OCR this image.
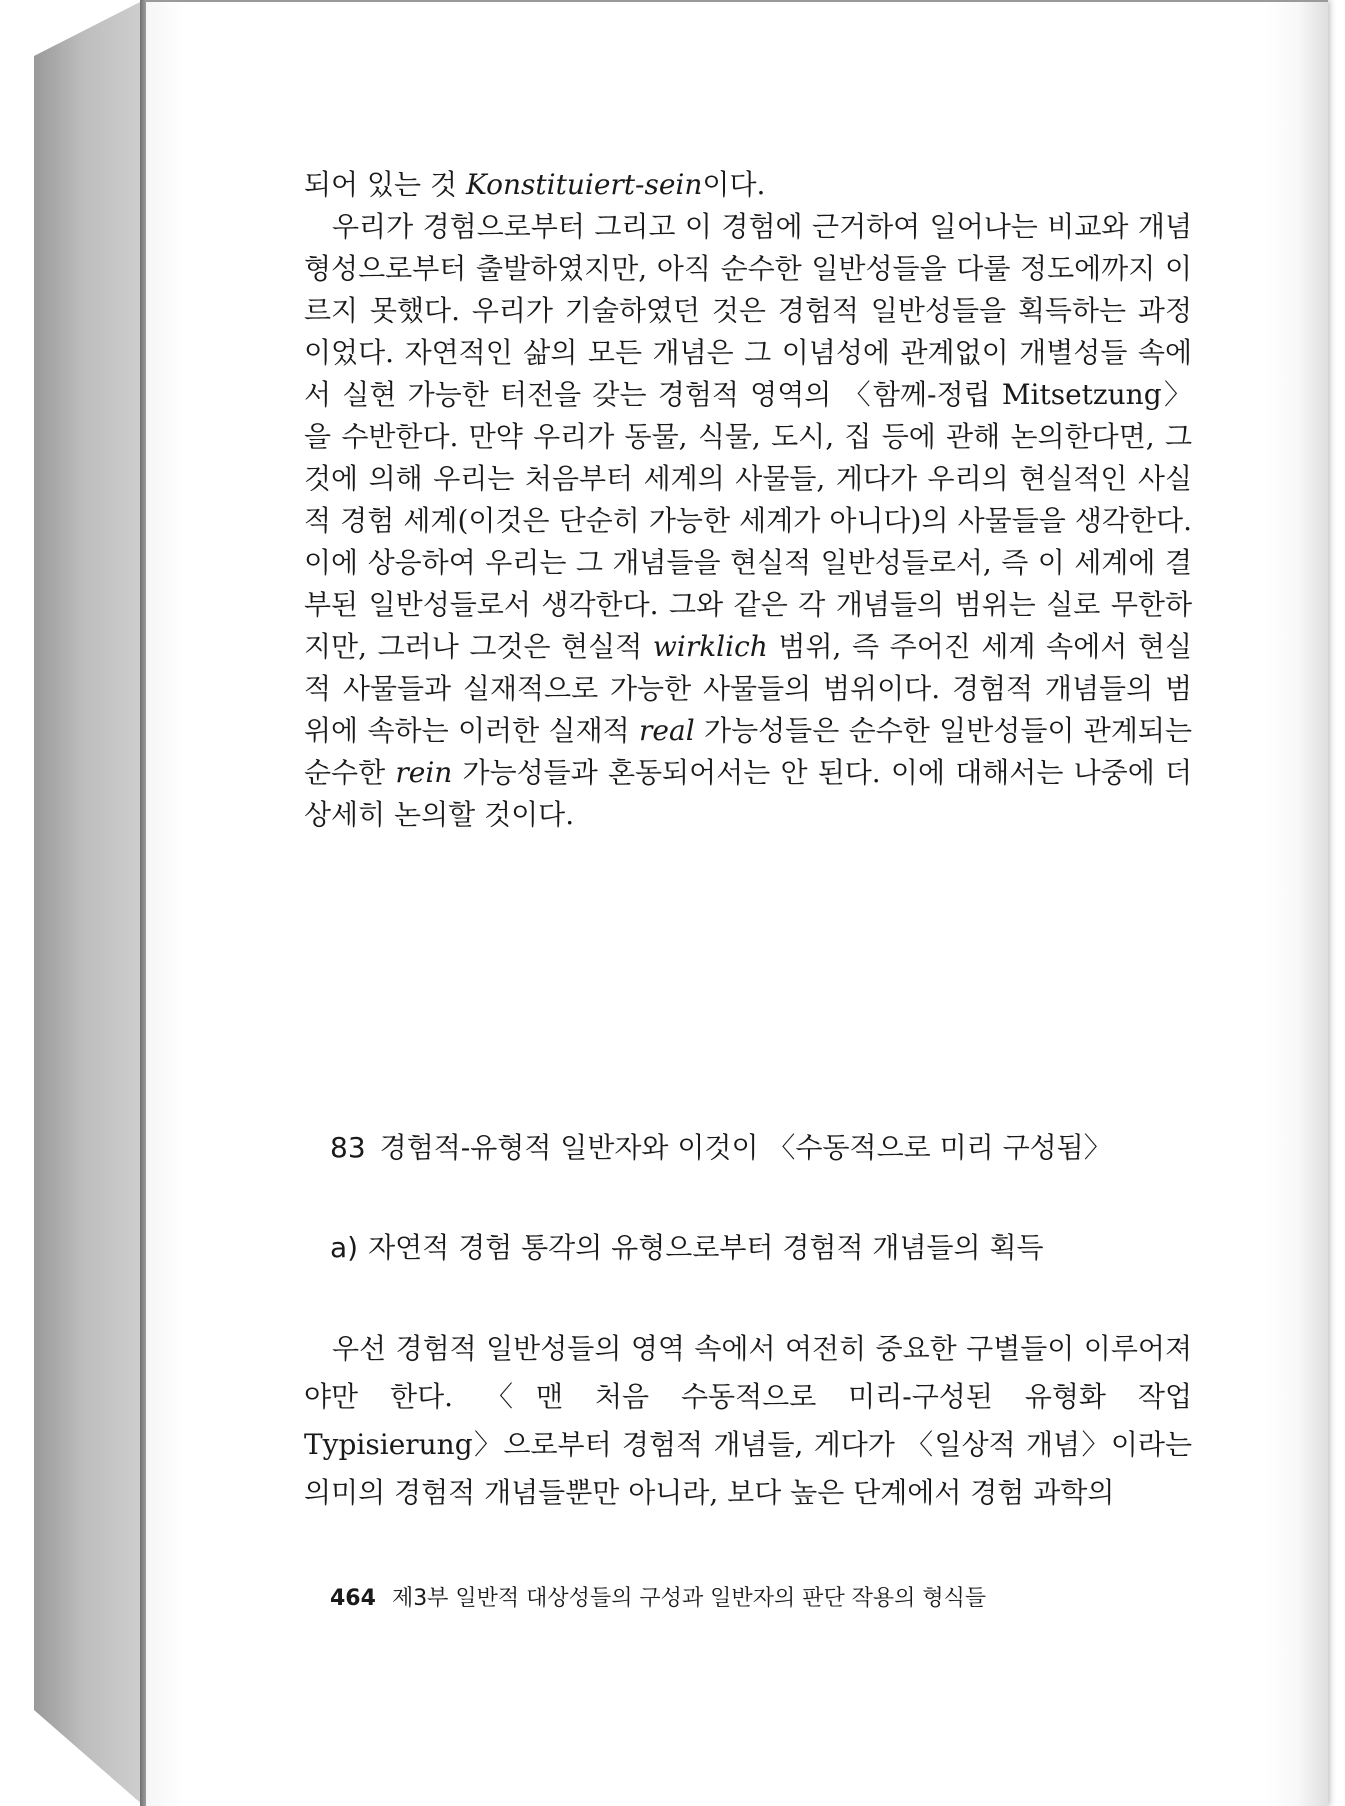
되어 있는 것 Konstituiert-sein이다.

우리가 경험으로부터 그리고 이 경험에 근거하여 일어나는 비교와 개념 형성으로부터 출발하였지만, 아직 순수한 일반성들을 다룰 정도에까지 이르지 못했다. 우리가 기술하였던 것은 경험적 일반성들을 획득하는 과정이었다. 자연적인 삶의 모든 개념은 그 이념성에 관계없이 개별성들 속에서 실현 가능한 터전을 갖는 경험적 영역의 〈함께-정립 Mitsetzung〉을 수반한다. 만약 우리가 동물, 식물, 도시, 집 등에 관해 논의한다면, 그것에 의해 우리는 처음부터 세계의 사물들, 게다가 우리의 현실적인 사실적 경험 세계(이것은 단순히 가능한 세계가 아니다)의 사물들을 생각한다. 이에 상응하여 우리는 그 개념들을 현실적 일반성들로서, 즉 이 세계에 결부된 일반성들로서 생각한다. 그와 같은 각 개념들의 범위는 실로 무한하지만, 그러나 그것은 현실적 wirklich 범위, 즉 주어진 세계 속에서 현실적 사물들과 실재적으로 가능한 사물들의 범위이다. 경험적 개념들의 범위에 속하는 이러한 실재적 real 가능성들은 순수한 일반성들이 관계되는 순수한 rein 가능성들과 혼동되어서는 안 된다. 이에 대해서는 나중에 더 상세히 논의할 것이다.

83 경험적-유형적 일반자와 이것이 〈수동적으로 미리 구성됨〉
a) 자연적 경험 통각의 유형으로부터 경험적 개념들의 획득

우선 경험적 일반성들의 영역 속에서 여전히 중요한 구별들이 이루어져야만 한다. 〈맨 처음 수동적으로 미리-구성된 유형화 작업 Typisierung〉으로부터 경험적 개념들, 게다가 〈일상적 개념〉이라는 의미의 경험적 개념들뿐만 아니라, 보다 높은 단계에서 경험 과학의

464 제3부 일반적 대상성들의 구성과 일반자의 판단 작용의 형식들
